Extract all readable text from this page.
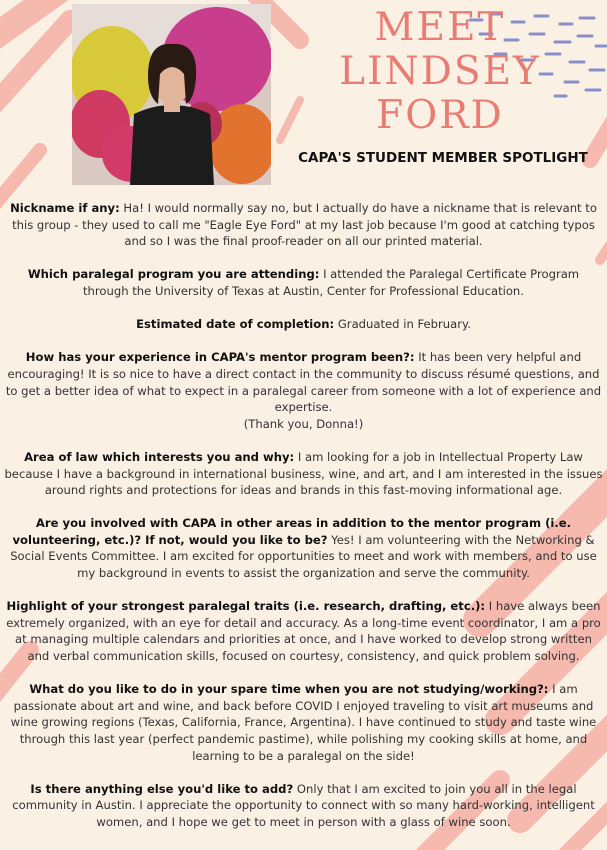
MEET
LINDSEY
FORD
CAPA'S STUDENT MEMBER SPOTLIGHT

Nickname if any: Ha! I would normally say no, but I actually do have a nickname that is relevant to this group - they used to call me "Eagle Eye Ford" at my last job because I'm good at catching typos and so I was the final proof-reader on all our printed material.

Which paralegal program you are attending: I attended the Paralegal Certificate Program through the University of Texas at Austin, Center for Professional Education.

Estimated date of completion: Graduated in February.

How has your experience in CAPA's mentor program been?: It has been very helpful and encouraging! It is so nice to have a direct contact in the community to discuss résumé questions, and to get a better idea of what to expect in a paralegal career from someone with a lot of experience and expertise.
(Thank you, Donna!)

Area of law which interests you and why: I am looking for a job in Intellectual Property Law because I have a background in international business, wine, and art, and I am interested in the issues around rights and protections for ideas and brands in this fast-moving informational age.

Are you involved with CAPA in other areas in addition to the mentor program (i.e. volunteering, etc.)? If not, would you like to be? Yes! I am volunteering with the Networking & Social Events Committee. I am excited for opportunities to meet and work with members, and to use my background in events to assist the organization and serve the community.

Highlight of your strongest paralegal traits (i.e. research, drafting, etc.): I have always been extremely organized, with an eye for detail and accuracy. As a long-time event coordinator, I am a pro at managing multiple calendars and priorities at once, and I have worked to develop strong written and verbal communication skills, focused on courtesy, consistency, and quick problem solving.

What do you like to do in your spare time when you are not studying/working?: I am passionate about art and wine, and back before COVID I enjoyed traveling to visit art museums and wine growing regions (Texas, California, France, Argentina). I have continued to study and taste wine through this last year (perfect pandemic pastime), while polishing my cooking skills at home, and learning to be a paralegal on the side!

Is there anything else you'd like to add? Only that I am excited to join you all in the legal community in Austin. I appreciate the opportunity to connect with so many hard-working, intelligent women, and I hope we get to meet in person with a glass of wine soon.
